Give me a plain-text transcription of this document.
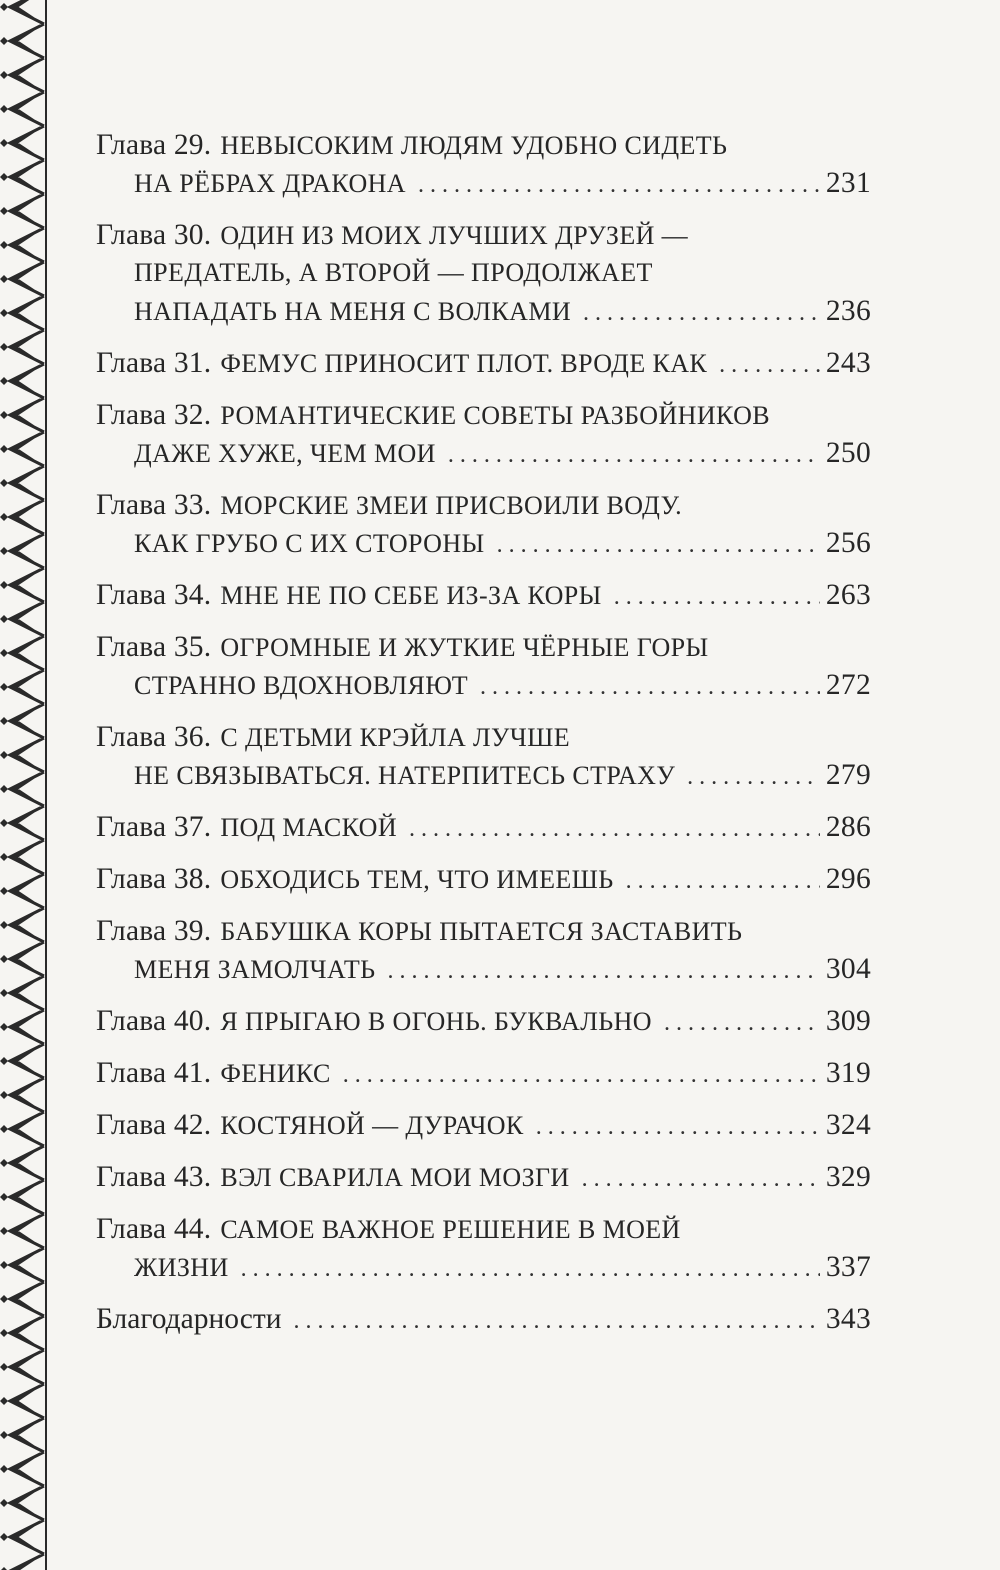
Глава 29. НЕВЫСОКИМ ЛЮДЯМ УДОБНО СИДЕТЬ
НА РЁБРАХ ДРАКОНА . . .	231
Глава 30. ОДИН ИЗ МОИХ ЛУЧШИХ ДРУЗЕЙ —
ПРЕДАТЕЛЬ, А ВТОРОЙ — ПРОДОЛЖАЕТ
НАПАДАТЬ НА МЕНЯ С ВОЛКАМИ . . .	236
Глава 31. ФЕМУС ПРИНОСИТ ПЛОТ. ВРОДЕ КАК . . .	243
Глава 32. РОМАНТИЧЕСКИЕ СОВЕТЫ РАЗБОЙНИКОВ
ДАЖЕ ХУЖЕ, ЧЕМ МОИ . . .	250
Глава 33. МОРСКИЕ ЗМЕИ ПРИСВОИЛИ ВОДУ.
КАК ГРУБО С ИХ СТОРОНЫ . . .	256
Глава 34. МНЕ НЕ ПО СЕБЕ ИЗ-ЗА КОРЫ . . .	263
Глава 35. ОГРОМНЫЕ И ЖУТКИЕ ЧЁРНЫЕ ГОРЫ
СТРАННО ВДОХНОВЛЯЮТ . . .	272
Глава 36. С ДЕТЬМИ КРЭЙЛА ЛУЧШЕ
НЕ СВЯЗЫВАТЬСЯ. НАТЕРПИТЕСЬ СТРАХУ . . .	279
Глава 37. ПОД МАСКОЙ . . .	286
Глава 38. ОБХОДИСЬ ТЕМ, ЧТО ИМЕЕШЬ . . .	296
Глава 39. БАБУШКА КОРЫ ПЫТАЕТСЯ ЗАСТАВИТЬ
МЕНЯ ЗАМОЛЧАТЬ . . .	304
Глава 40. Я ПРЫГАЮ В ОГОНЬ. БУКВАЛЬНО . . .	309
Глава 41. ФЕНИКС . . .	319
Глава 42. КОСТЯНОЙ — ДУРАЧОК . . .	324
Глава 43. ВЭЛ СВАРИЛА МОИ МОЗГИ . . .	329
Глава 44. САМОЕ ВАЖНОЕ РЕШЕНИЕ В МОЕЙ
ЖИЗНИ . . .	337
Благодарности . . .	343
